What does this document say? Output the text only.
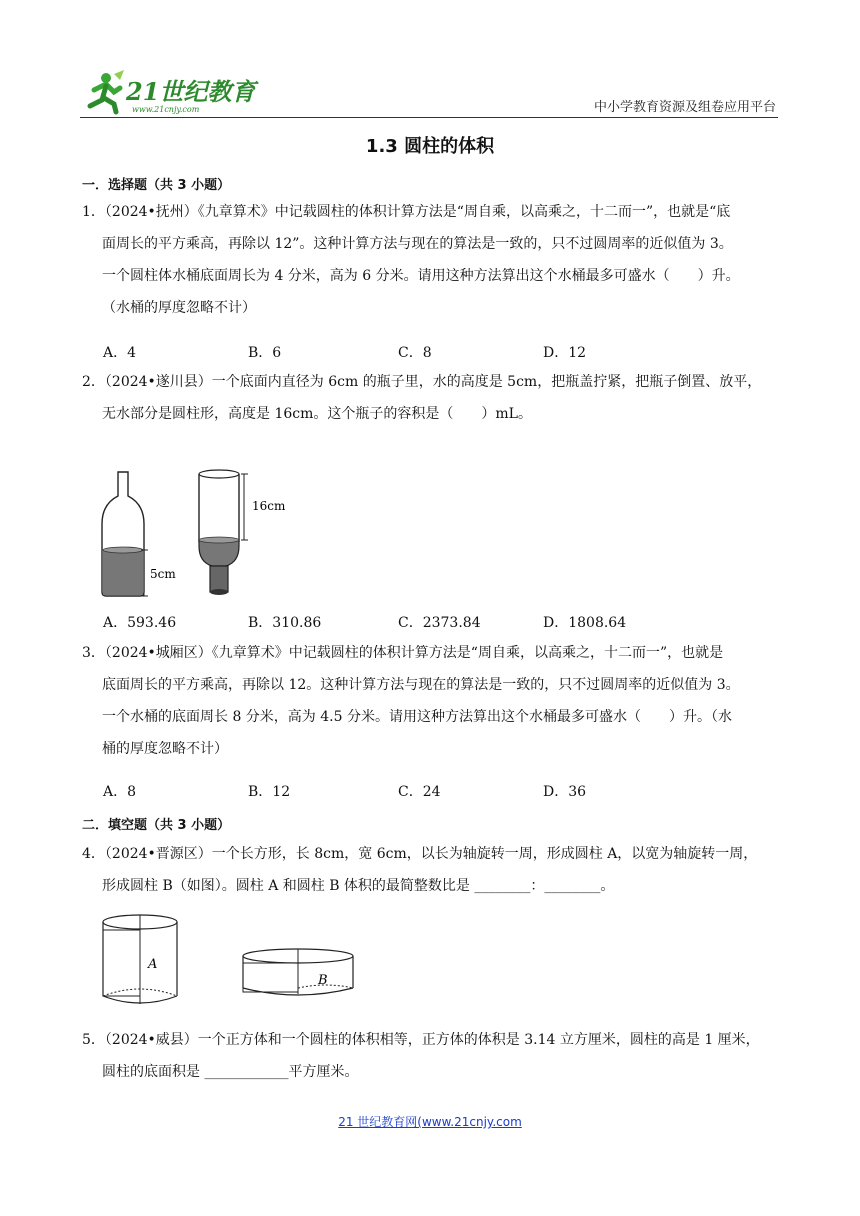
21世纪教育
www.21cnjy.com	中小学教育资源及组卷应用平台
1.3 圆柱的体积
一．选择题（共 3 小题）
1．（2024•抚州）《九章算术》中记载圆柱的体积计算方法是“周自乘，以高乘之，十二而一”，也就是“底
面周长的平方乘高，再除以 12”。这种计算方法与现在的算法是一致的，只不过圆周率的近似值为 3。
一个圆柱体水桶底面周长为 4 分米，高为 6 分米。请用这种方法算出这个水桶最多可盛水（　　）升。
（水桶的厚度忽略不计）
A．4	B．6	C．8	D．12
2．（2024•遂川县）一个底面内直径为 6cm 的瓶子里，水的高度是 5cm，把瓶盖拧紧，把瓶子倒置、放平，
无水部分是圆柱形，高度是 16cm。这个瓶子的容积是（　　）mL。
5cm
16cm
A．593.46	B．310.86	C．2373.84	D．1808.64
3．（2024•城厢区）《九章算术》中记载圆柱的体积计算方法是“周自乘，以高乘之，十二而一”，也就是
底面周长的平方乘高，再除以 12。这种计算方法与现在的算法是一致的，只不过圆周率的近似值为 3。
一个水桶的底面周长 8 分米，高为 4.5 分米。请用这种方法算出这个水桶最多可盛水（　　）升。（水
桶的厚度忽略不计）
A．8	B．12	C．24	D．36
二．填空题（共 3 小题）
4．（2024•晋源区）一个长方形，长 8cm，宽 6cm，以长为轴旋转一周，形成圆柱 A，以宽为轴旋转一周，
形成圆柱 B（如图）。圆柱 A 和圆柱 B 体积的最简整数比是 ________：________。
A
B
5．（2024•威县）一个正方体和一个圆柱的体积相等，正方体的体积是 3.14 立方厘米，圆柱的高是 1 厘米，
圆柱的底面积是 ____________平方厘米。
21 世纪教育网(www.21cnjy.com
